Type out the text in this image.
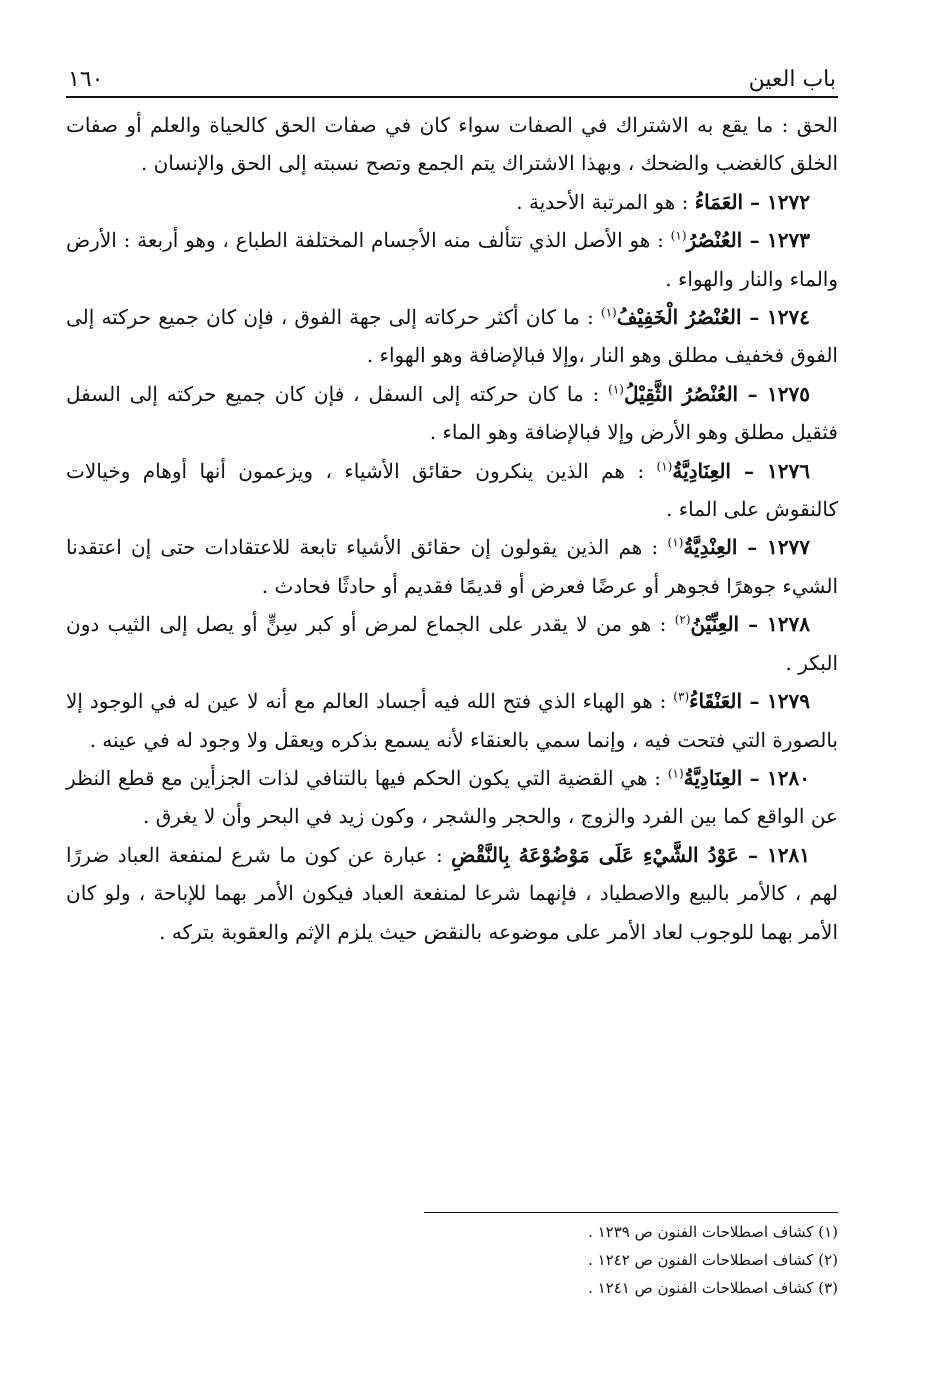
باب العين
١٦٠

الحق : ما يقع به الاشتراك في الصفات سواء كان في صفات الحق كالحياة والعلم أو صفات الخلق كالغضب والضحك ، وبهذا الاشتراك يتم الجمع وتصح نسبته إلى الحق والإنسان .

١٢٧٢ – العَمَاءُ : هو المرتبة الأحدية .

١٢٧٣ – العُنْصُرُ$^{(١)}$ : هو الأصل الذي تتألف منه الأجسام المختلفة الطباع ، وهو أربعة : الأرض والماء والنار والهواء .

١٢٧٤ – العُنْصُرُ الْخَفِيْفُ$^{(١)}$ : ما كان أكثر حركاته إلى جهة الفوق ، فإن كان جميع حركته إلى الفوق فخفيف مطلق وهو النار ،وإلا فبالإضافة وهو الهواء .

١٢٧٥ – العُنْصُرُ الثَّقِيْلُ$^{(١)}$ : ما كان حركته إلى السفل ، فإن كان جميع حركته إلى السفل فثقيل مطلق وهو الأرض وإلا فبالإضافة وهو الماء .

١٢٧٦ – العِنَادِيَّةُ$^{(١)}$ : هم الذين ينكرون حقائق الأشياء ، ويزعمون أنها أوهام وخيالات كالنقوش على الماء .

١٢٧٧ – العِنْدِيَّةُ$^{(١)}$ : هم الذين يقولون إن حقائق الأشياء تابعة للاعتقادات حتى إن اعتقدنا الشيء جوهرًا فجوهر أو عرضًا فعرض أو قديمًا فقديم أو حادثًا فحادث .

١٢٧٨ – العِنِّيْنُ$^{(٢)}$ : هو من لا يقدر على الجماع لمرض أو كبر سِنٍّ أو يصل إلى الثيب دون البكر .

١٢٧٩ – العَنْقَاءُ$^{(٣)}$ : هو الهباء الذي فتح الله فيه أجساد العالم مع أنه لا عين له في الوجود إلا بالصورة التي فتحت فيه ، وإنما سمي بالعنقاء لأنه يسمع بذكره ويعقل ولا وجود له في عينه .

١٢٨٠ – العِنَادِيَّةُ$^{(١)}$ : هي القضية التي يكون الحكم فيها بالتنافي لذات الجزأين مع قطع النظر عن الواقع كما بين الفرد والزوج ، والحجر والشجر ، وكون زيد في البحر وأن لا يغرق .

١٢٨١ – عَوْدُ الشَّيْءِ عَلَى مَوْضُوْعَهُ بِالنَّقْضِ : عبارة عن كون ما شرع لمنفعة العباد ضررًا لهم ، كالأمر بالبيع والاصطياد ، فإنهما شرعا لمنفعة العباد فيكون الأمر بهما للإباحة ، ولو كان الأمر بهما للوجوب لعاد الأمر على موضوعه بالنقض حيث يلزم الإثم والعقوبة بتركه .

(١) كشاف اصطلاحات الفنون ص ١٢٣٩ .
(٢) كشاف اصطلاحات الفنون ص ١٢٤٢ .
(٣) كشاف اصطلاحات الفنون ص ١٢٤١ .
